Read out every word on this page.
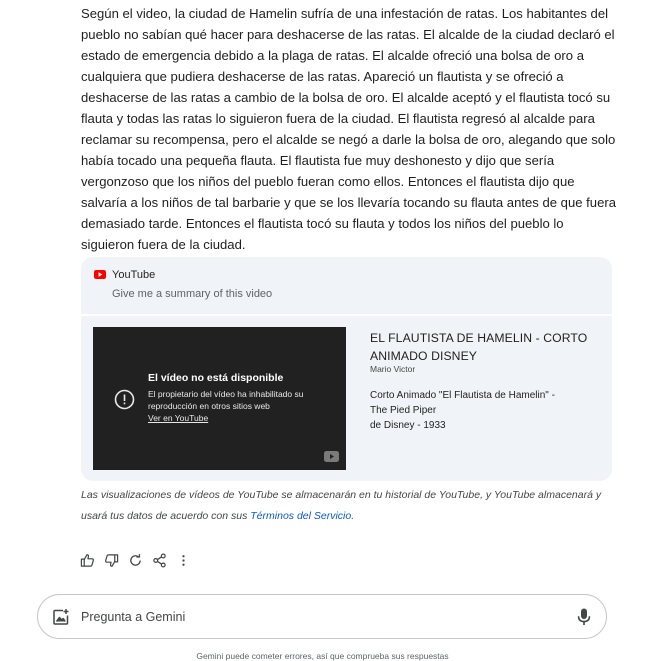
Según el video, la ciudad de Hamelin sufría de una infestación de ratas. Los habitantes del pueblo no sabían qué hacer para deshacerse de las ratas. El alcalde de la ciudad declaró el estado de emergencia debido a la plaga de ratas. El alcalde ofreció una bolsa de oro a cualquiera que pudiera deshacerse de las ratas. Apareció un flautista y se ofreció a deshacerse de las ratas a cambio de la bolsa de oro. El alcalde aceptó y el flautista tocó su flauta y todas las ratas lo siguieron fuera de la ciudad. El flautista regresó al alcalde para reclamar su recompensa, pero el alcalde se negó a darle la bolsa de oro, alegando que solo había tocado una pequeña flauta. El flautista fue muy deshonesto y dijo que sería vergonzoso que los niños del pueblo fueran como ellos. Entonces el flautista dijo que salvaría a los niños de tal barbarie y que se los llevaría tocando su flauta antes de que fuera demasiado tarde. Entonces el flautista tocó su flauta y todos los niños del pueblo lo siguieron fuera de la ciudad.

YouTube
Give me a summary of this video
El vídeo no está disponible
El propietario del vídeo ha inhabilitado su reproducción en otros sitios web
Ver en YouTube
EL FLAUTISTA DE HAMELIN - CORTO ANIMADO DISNEY
Mario Victor
Corto Animado "El Flautista de Hamelin" -
The Pied Piper
de Disney - 1933

Las visualizaciones de vídeos de YouTube se almacenarán en tu historial de YouTube, y YouTube almacenará y usará tus datos de acuerdo con sus Términos del Servicio.

Pregunta a Gemini
Gemini puede cometer errores, así que comprueba sus respuestas
